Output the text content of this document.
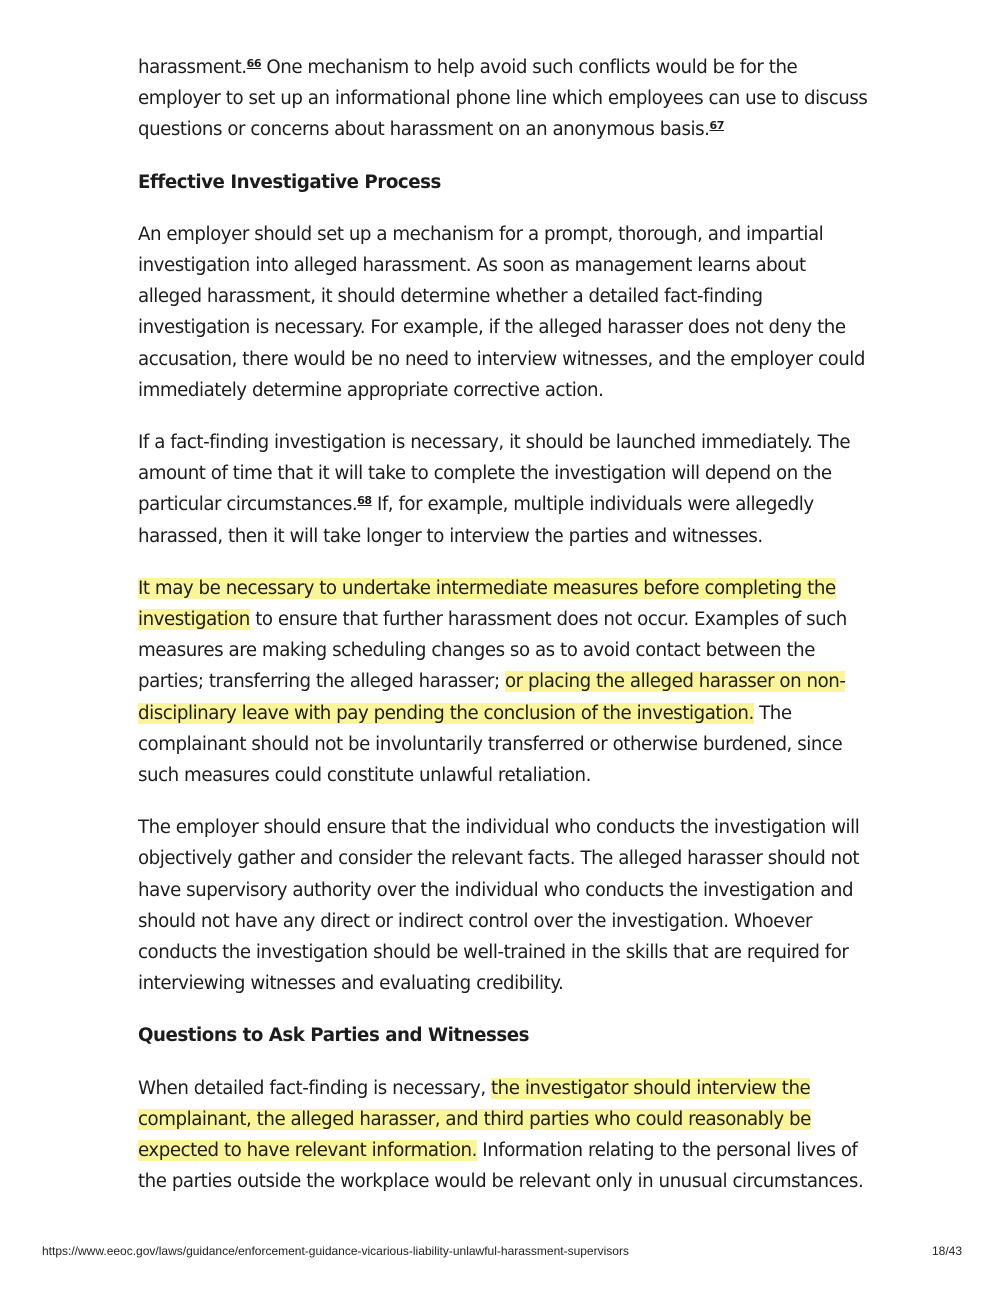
harassment.$^{66}$ One mechanism to help avoid such conflicts would be for the employer to set up an informational phone line which employees can use to discuss questions or concerns about harassment on an anonymous basis.$^{67}$

Effective Investigative Process

An employer should set up a mechanism for a prompt, thorough, and impartial investigation into alleged harassment. As soon as management learns about alleged harassment, it should determine whether a detailed fact-finding investigation is necessary. For example, if the alleged harasser does not deny the accusation, there would be no need to interview witnesses, and the employer could immediately determine appropriate corrective action.

If a fact-finding investigation is necessary, it should be launched immediately. The amount of time that it will take to complete the investigation will depend on the particular circumstances.$^{68}$ If, for example, multiple individuals were allegedly harassed, then it will take longer to interview the parties and witnesses.

It may be necessary to undertake intermediate measures before completing the investigation to ensure that further harassment does not occur. Examples of such measures are making scheduling changes so as to avoid contact between the parties; transferring the alleged harasser; or placing the alleged harasser on non-disciplinary leave with pay pending the conclusion of the investigation. The complainant should not be involuntarily transferred or otherwise burdened, since such measures could constitute unlawful retaliation.

The employer should ensure that the individual who conducts the investigation will objectively gather and consider the relevant facts. The alleged harasser should not have supervisory authority over the individual who conducts the investigation and should not have any direct or indirect control over the investigation. Whoever conducts the investigation should be well-trained in the skills that are required for interviewing witnesses and evaluating credibility.

Questions to Ask Parties and Witnesses

When detailed fact-finding is necessary, the investigator should interview the complainant, the alleged harasser, and third parties who could reasonably be expected to have relevant information. Information relating to the personal lives of the parties outside the workplace would be relevant only in unusual circumstances.

https://www.eeoc.gov/laws/guidance/enforcement-guidance-vicarious-liability-unlawful-harassment-supervisors	18/43
